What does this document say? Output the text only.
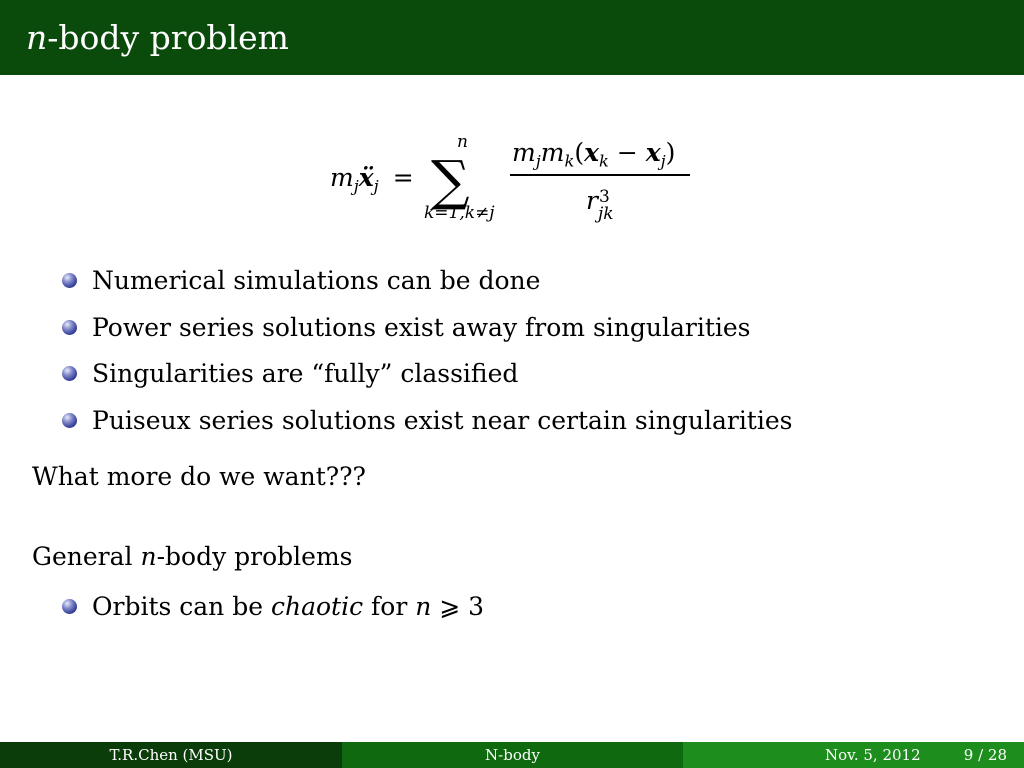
n-body problem
$m_jẍ_j$ =
n
∑
k=1,k≠j
$m_jm_k(x_k - x_j)$
r 3
jk
Numerical simulations can be done
Power series solutions exist away from singularities
Singularities are “fully” classified
Puiseux series solutions exist near certain singularities
What more do we want???
General n-body problems
Orbits can be chaotic for n ⩾ 3
T.R.Chen (MSU)	N-body	Nov. 5, 2012	9 / 28
